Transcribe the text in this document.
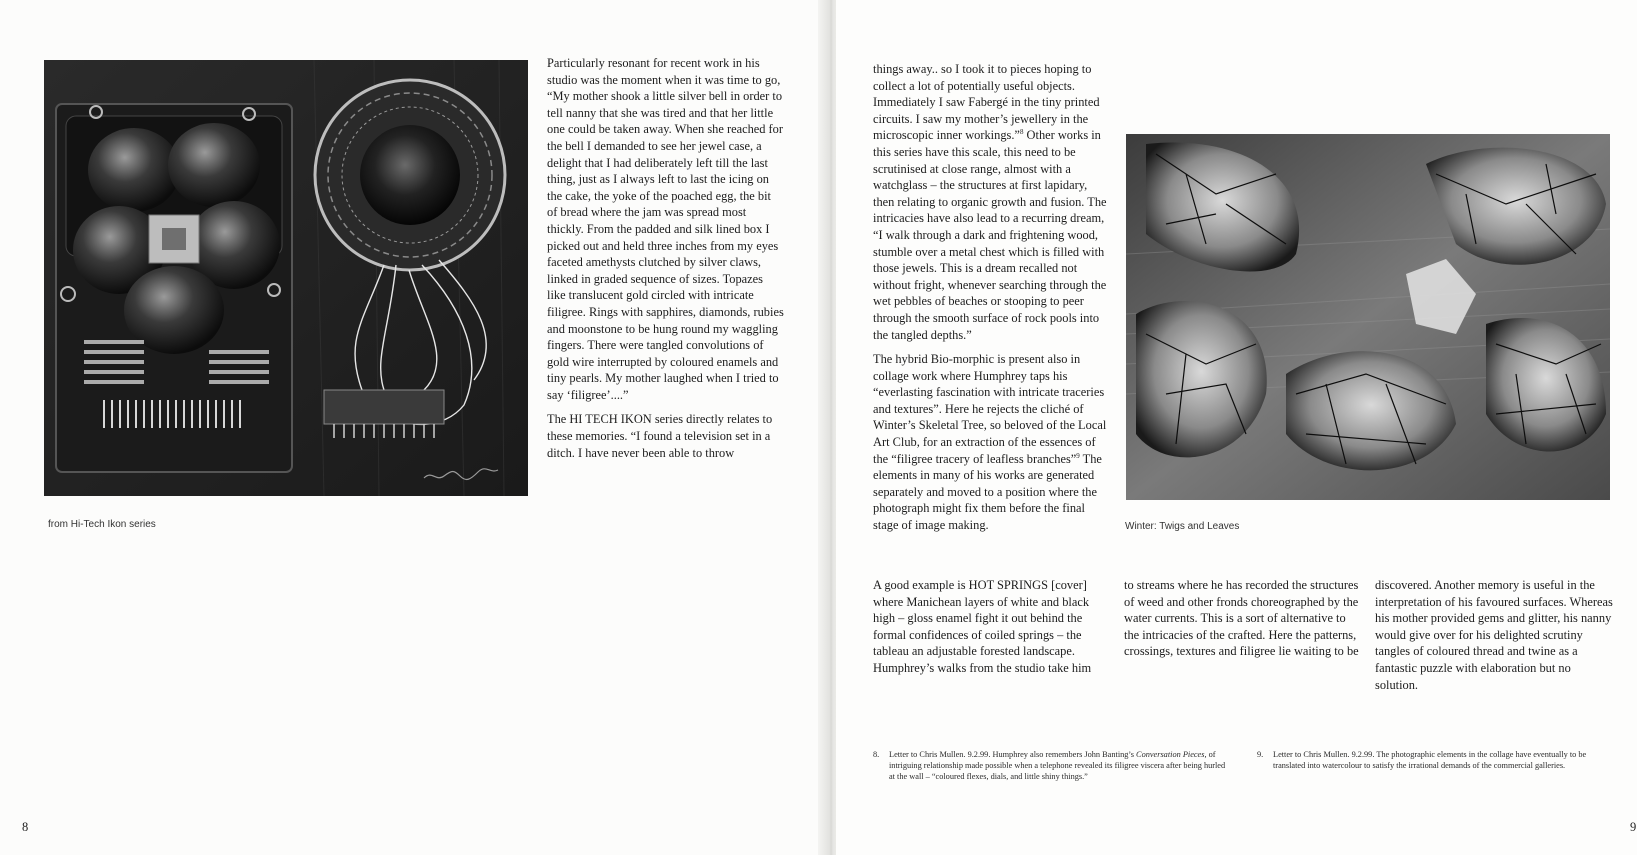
from Hi-Tech Ikon series

Particularly resonant for recent work in his studio was the moment when it was time to go, “My mother shook a little silver bell in order to tell nanny that she was tired and that her little one could be taken away. When she reached for the bell I demanded to see her jewel case, a delight that I had deliberately left till the last thing, just as I always left to last the icing on the cake, the yoke of the poached egg, the bit of bread where the jam was spread most thickly. From the padded and silk lined box I picked out and held three inches from my eyes faceted amethysts clutched by silver claws, linked in graded sequence of sizes. Topazes like translucent gold circled with intricate filigree. Rings with sapphires, diamonds, rubies and moonstone to be hung round my waggling fingers. There were tangled convolutions of gold wire interrupted by coloured enamels and tiny pearls. My mother laughed when I tried to say ‘filigree’....”

The HI TECH IKON series directly relates to these memories. “I found a television set in a ditch. I have never been able to throw

8

things away.. so I took it to pieces hoping to collect a lot of potentially useful objects. Immediately I saw Fabergé in the tiny printed circuits. I saw my mother’s jewellery in the microscopic inner workings.”$^8$ Other works in this series have this scale, this need to be scrutinised at close range, almost with a watchglass – the structures at first lapidary, then relating to organic growth and fusion. The intricacies have also lead to a recurring dream, “I walk through a dark and frightening wood, stumble over a metal chest which is filled with those jewels. This is a dream recalled not without fright, whenever searching through the wet pebbles of beaches or stooping to peer through the smooth surface of rock pools into the tangled depths.”

The hybrid Bio-morphic is present also in collage work where Humphrey taps his “everlasting fascination with intricate traceries and textures”. Here he rejects the cliché of Winter’s Skeletal Tree, so beloved of the Local Art Club, for an extraction of the essences of the “filigree tracery of leafless branches”$^9$ The elements in many of his works are generated separately and moved to a position where the photograph might fix them before the final stage of image making.	Winter: Twigs and Leaves

A good example is HOT SPRINGS [cover] where Manichean layers of white and black high – gloss enamel fight it out behind the formal confidences of coiled springs – the tableau an adjustable forested landscape. Humphrey’s walks from the studio take him

to streams where he has recorded the structures of weed and other fronds choreographed by the water currents. This is a sort of alternative to the intricacies of the crafted. Here the patterns, crossings, textures and filigree lie waiting to be

discovered. Another memory is useful in the interpretation of his favoured surfaces. Whereas his mother provided gems and glitter, his nanny would give over for his delighted scrutiny tangles of coloured thread and twine as a fantastic puzzle with elaboration but no solution.

8. Letter to Chris Mullen. 9.2.99. Humphrey also remembers John Banting’s Conversation Pieces, of intriguing relationship made possible when a telephone revealed its filigree viscera after being hurled at the wall – “coloured flexes, dials, and little shiny things.”
9. Letter to Chris Mullen. 9.2.99. The photographic elements in the collage have eventually to be translated into watercolour to satisfy the irrational demands of the commercial galleries.
9
